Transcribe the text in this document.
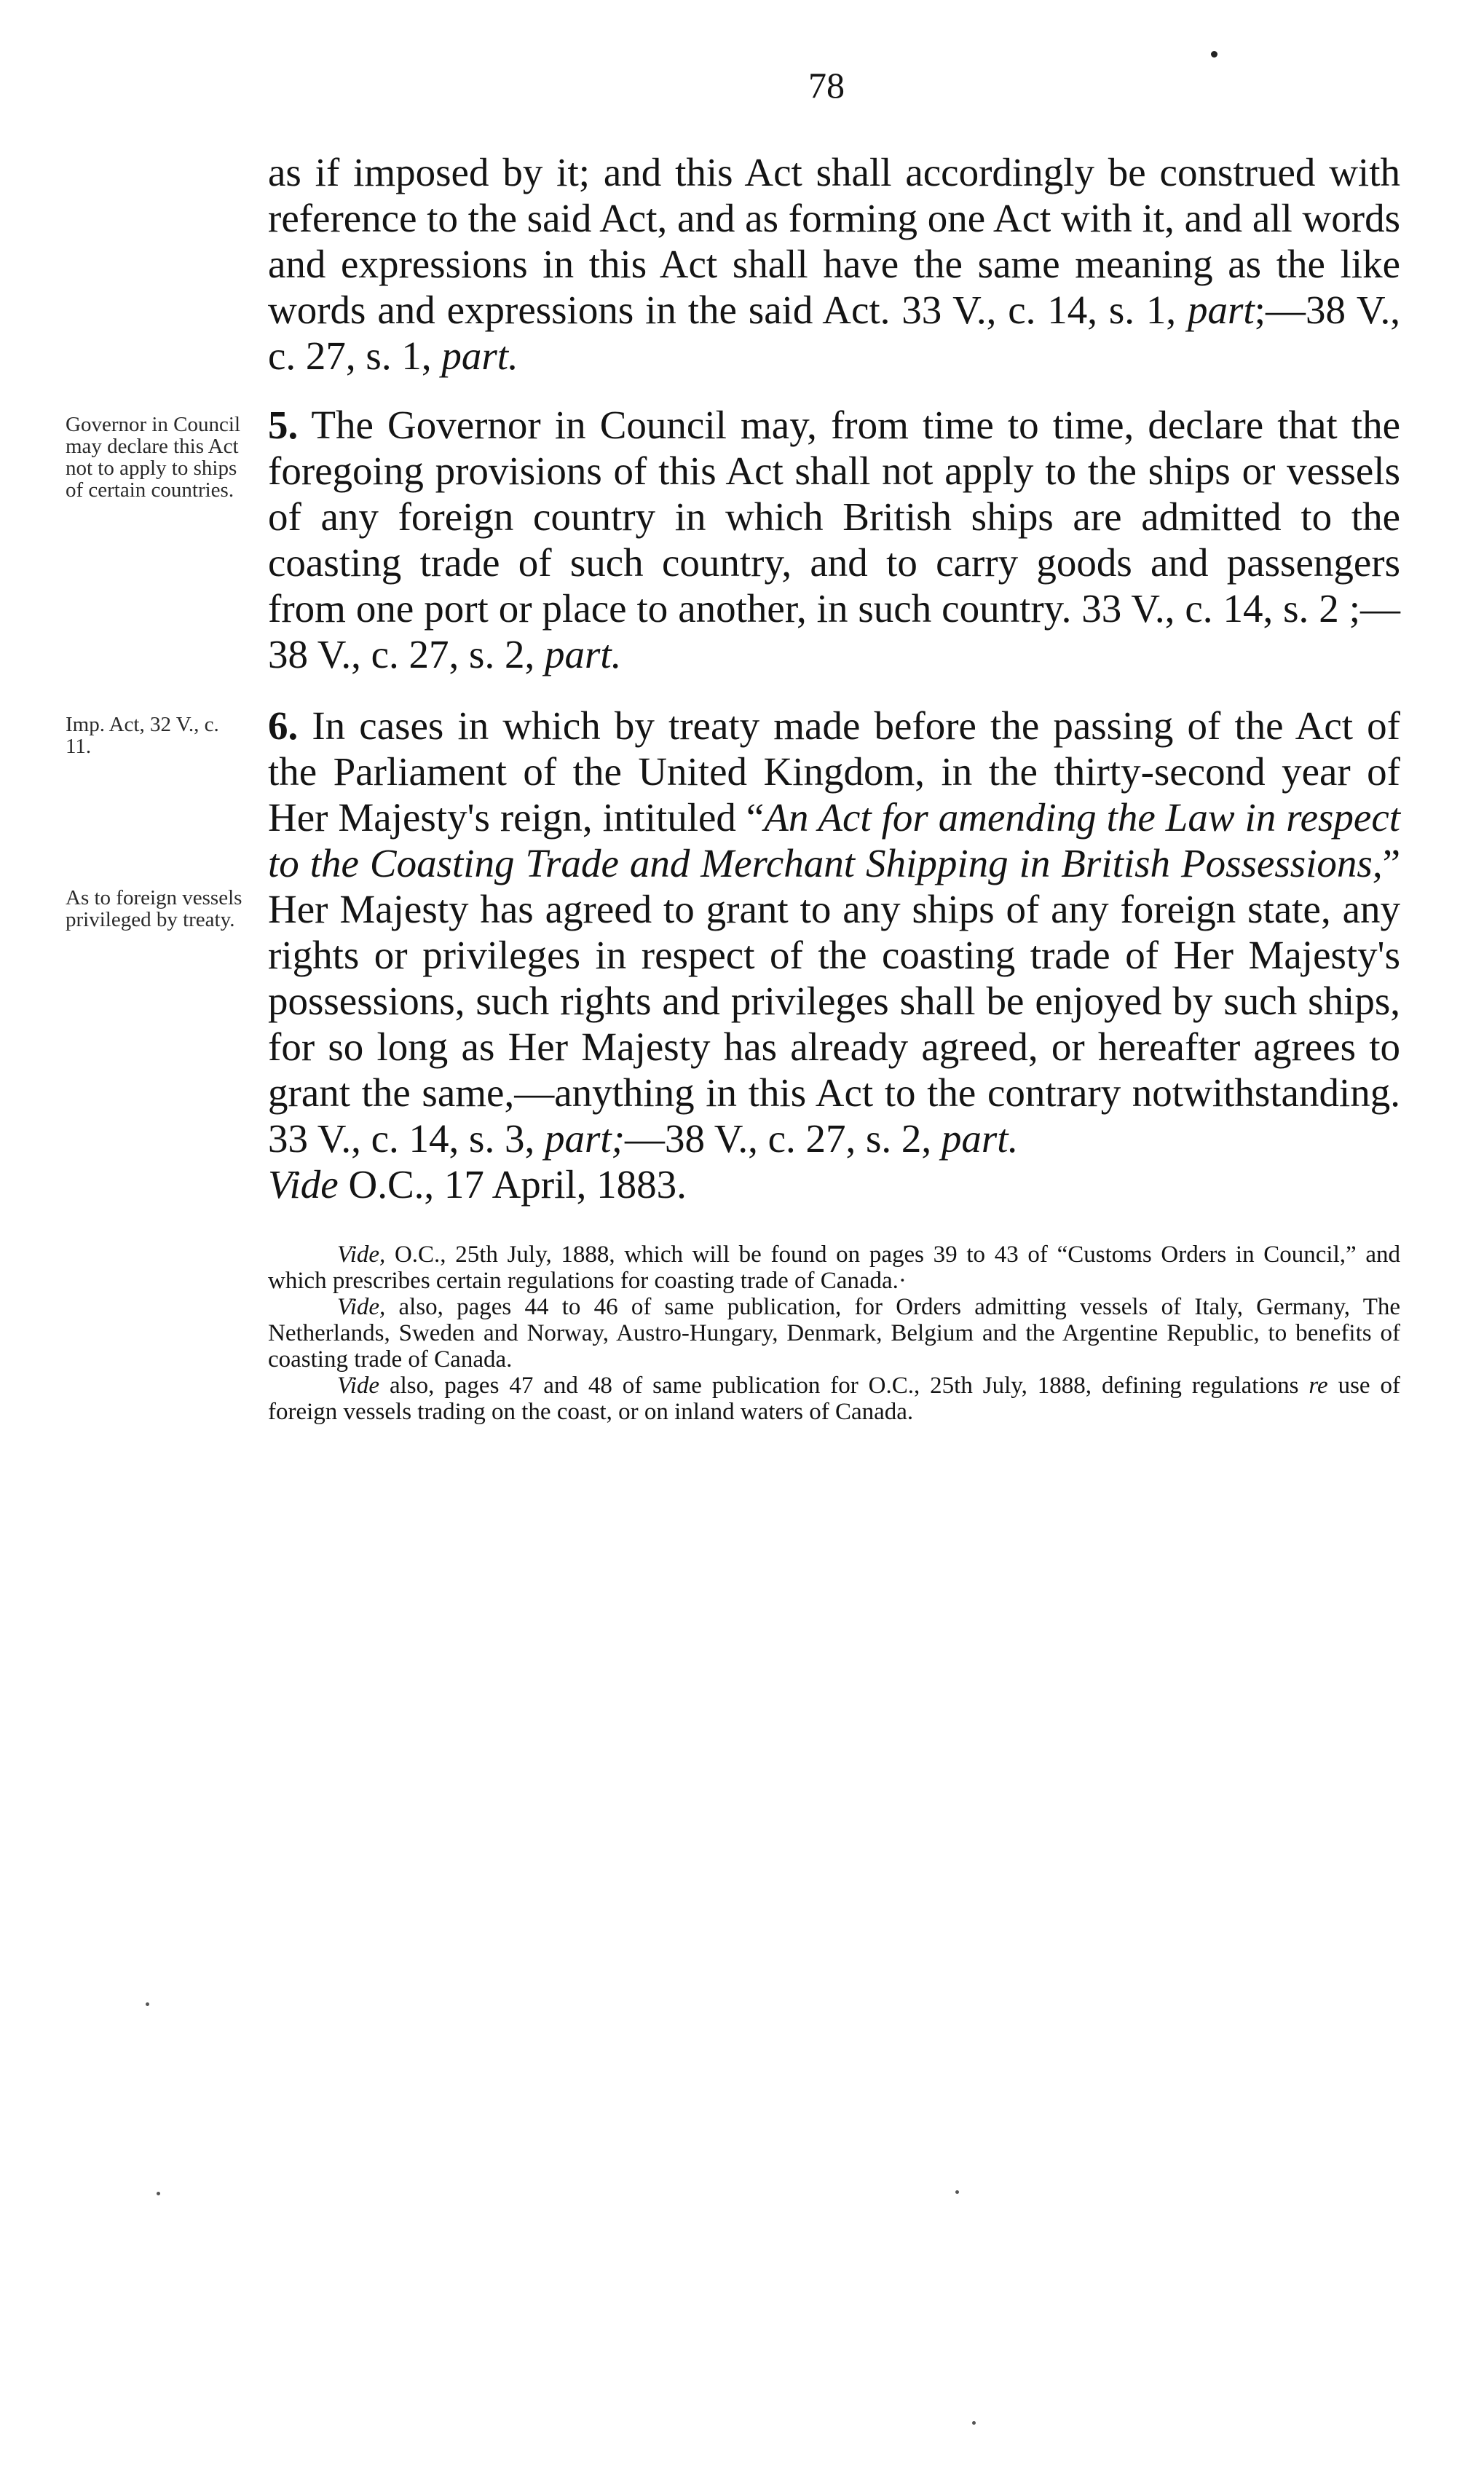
78
as if imposed by it; and this Act shall accordingly be construed with reference to the said Act, and as forming one Act with it, and all words and expressions in this Act shall have the same meaning as the like words and expressions in the said Act. 33 V., c. 14, s. 1, part;—38 V., c. 27, s. 1, part.
Governor in Council may declare this Act not to apply to ships of certain countries.
5. The Governor in Council may, from time to time, declare that the foregoing provisions of this Act shall not apply to the ships or vessels of any foreign country in which British ships are admitted to the coasting trade of such country, and to carry goods and passengers from one port or place to another, in such country. 33 V., c. 14, s. 2 ;—38 V., c. 27, s. 2, part.
Imp. Act, 32 V., c. 11.
As to foreign vessels privileged by treaty.
6. In cases in which by treaty made before the passing of the Act of the Parliament of the United Kingdom, in the thirty-second year of Her Majesty's reign, intituled “An Act for amending the Law in respect to the Coasting Trade and Merchant Shipping in British Possessions,” Her Majesty has agreed to grant to any ships of any foreign state, any rights or privileges in respect of the coasting trade of Her Majesty's possessions, such rights and privileges shall be enjoyed by such ships, for so long as Her Majesty has already agreed, or hereafter agrees to grant the same,—anything in this Act to the contrary notwithstanding. 33 V., c. 14, s. 3, part;—38 V., c. 27, s. 2, part.
Vide O.C., 17 April, 1883.

Vide, O.C., 25th July, 1888, which will be found on pages 39 to 43 of “Customs Orders in Council,” and which prescribes certain regulations for coasting trade of Canada.·

Vide, also, pages 44 to 46 of same publication, for Orders admitting vessels of Italy, Germany, The Netherlands, Sweden and Norway, Austro-Hungary, Denmark, Belgium and the Argentine Republic, to benefits of coasting trade of Canada.

Vide also, pages 47 and 48 of same publication for O.C., 25th July, 1888, defining regulations re use of foreign vessels trading on the coast, or on inland waters of Canada.
